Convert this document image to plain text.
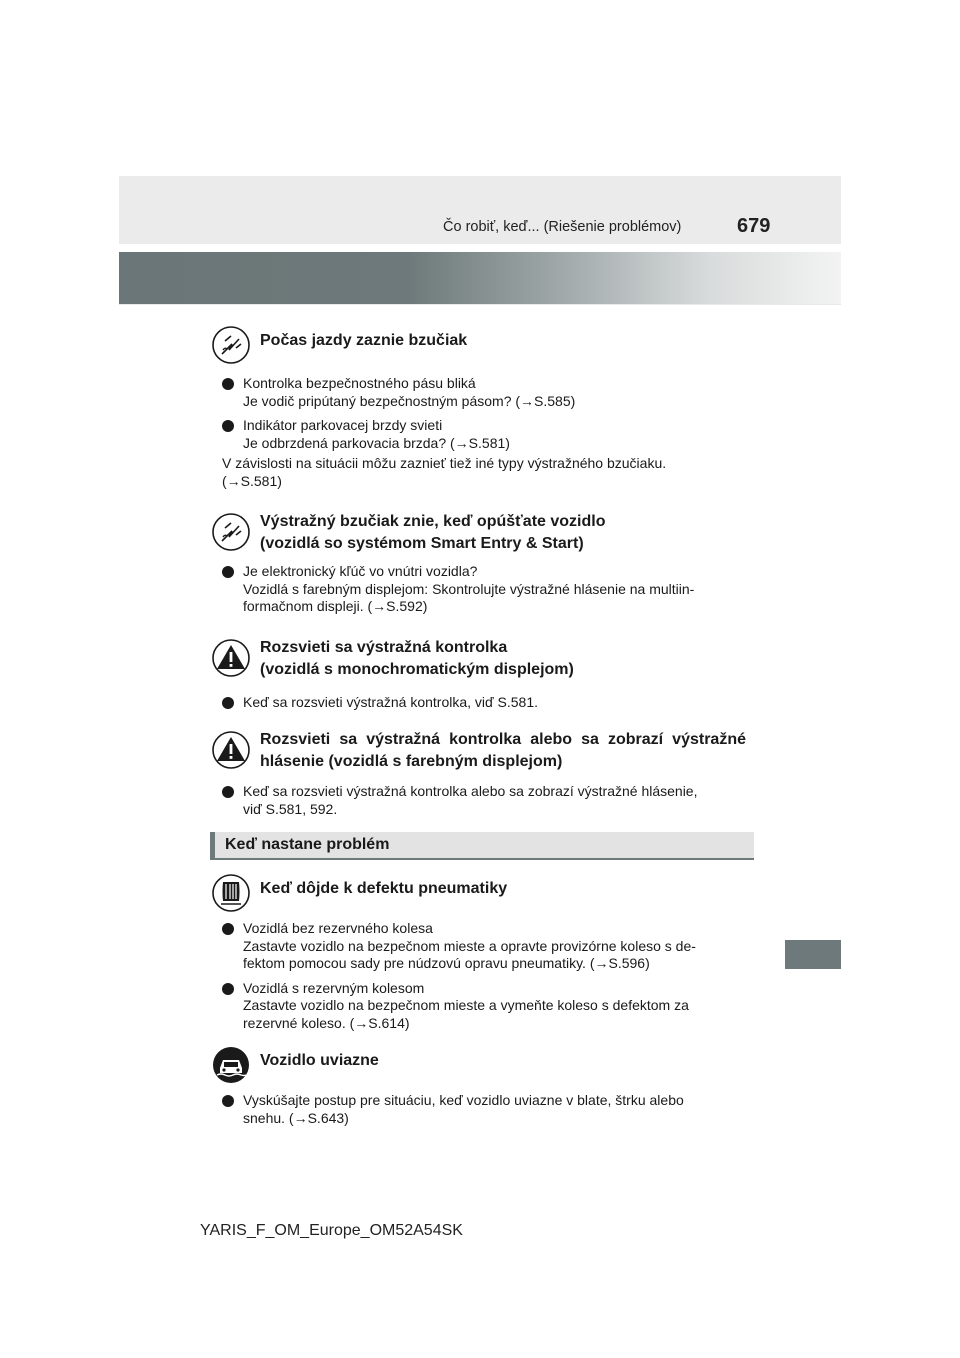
Čo robiť, keď... (Riešenie problémov)	679
Počas jazdy zaznie bzučiak
Kontrolka bezpečnostného pásu bliká
Je vodič pripútaný bezpečnostným pásom? (→S.585)
Indikátor parkovacej brzdy svieti
Je odbrzdená parkovacia brzda? (→S.581)
V závislosti na situácii môžu zaznieť tiež iné typy výstražného bzučiaku.
(→S.581)
Výstražný bzučiak znie, keď opúšťate vozidlo
(vozidlá so systémom Smart Entry & Start)
Je elektronický kľúč vo vnútri vozidla?
Vozidlá s farebným displejom: Skontrolujte výstražné hlásenie na multiin-
formačnom displeji. (→S.592)
Rozsvieti sa výstražná kontrolka
(vozidlá s monochromatickým displejom)
Keď sa rozsvieti výstražná kontrolka, viď S.581.
Rozsvieti sa výstražná kontrolka alebo sa zobrazí výstražné
hlásenie (vozidlá s farebným displejom)
Keď sa rozsvieti výstražná kontrolka alebo sa zobrazí výstražné hlásenie,
viď S.581, 592.
Keď nastane problém
Keď dôjde k defektu pneumatiky
Vozidlá bez rezervného kolesa
Zastavte vozidlo na bezpečnom mieste a opravte provizórne koleso s de-
fektom pomocou sady pre núdzovú opravu pneumatiky. (→S.596)
Vozidlá s rezervným kolesom
Zastavte vozidlo na bezpečnom mieste a vymeňte koleso s defektom za
rezervné koleso. (→S.614)
Vozidlo uviazne
Vyskúšajte postup pre situáciu, keď vozidlo uviazne v blate, štrku alebo
snehu. (→S.643)
YARIS_F_OM_Europe_OM52A54SK
